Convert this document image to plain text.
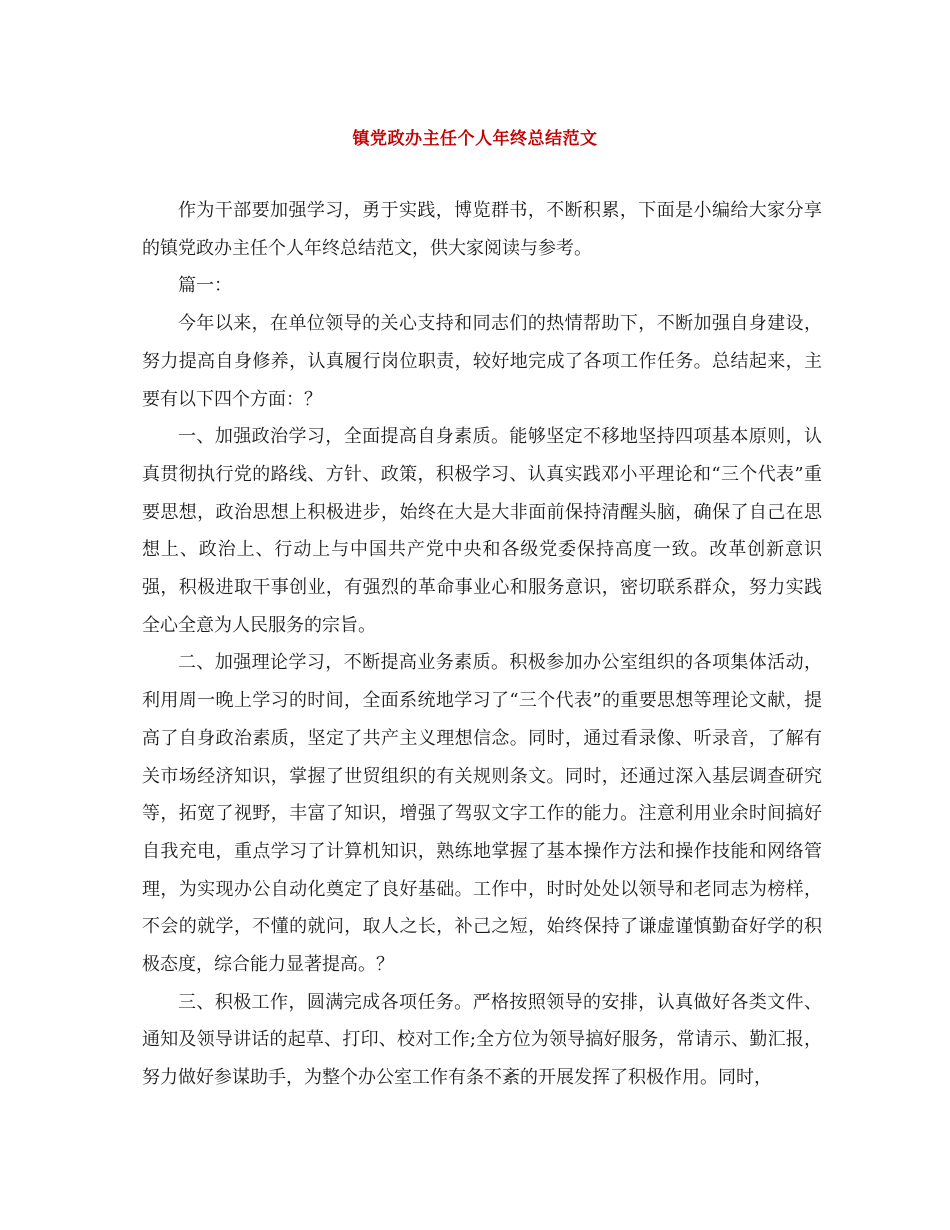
镇党政办主任个人年终总结范文

作为干部要加强学习，勇于实践，博览群书，不断积累，下面是小编给大家分享的镇党政办主任个人年终总结范文，供大家阅读与参考。

篇一：

今年以来，在单位领导的关心支持和同志们的热情帮助下，不断加强自身建设，努力提高自身修养，认真履行岗位职责，较好地完成了各项工作任务。总结起来，主要有以下四个方面：？

一、加强政治学习，全面提高自身素质。能够坚定不移地坚持四项基本原则，认真贯彻执行党的路线、方针、政策，积极学习、认真实践邓小平理论和“三个代表”重要思想，政治思想上积极进步，始终在大是大非面前保持清醒头脑，确保了自己在思想上、政治上、行动上与中国共产党中央和各级党委保持高度一致。改革创新意识强，积极进取干事创业，有强烈的革命事业心和服务意识，密切联系群众，努力实践全心全意为人民服务的宗旨。

二、加强理论学习，不断提高业务素质。积极参加办公室组织的各项集体活动，利用周一晚上学习的时间，全面系统地学习了“三个代表”的重要思想等理论文献，提高了自身政治素质，坚定了共产主义理想信念。同时，通过看录像、听录音，了解有关市场经济知识，掌握了世贸组织的有关规则条文。同时，还通过深入基层调查研究等，拓宽了视野，丰富了知识，增强了驾驭文字工作的能力。注意利用业余时间搞好自我充电，重点学习了计算机知识，熟练地掌握了基本操作方法和操作技能和网络管理，为实现办公自动化奠定了良好基础。工作中，时时处处以领导和老同志为榜样，不会的就学，不懂的就问，取人之长，补己之短，始终保持了谦虚谨慎勤奋好学的积极态度，综合能力显著提高。？

三、积极工作，圆满完成各项任务。严格按照领导的安排，认真做好各类文件、通知及领导讲话的起草、打印、校对工作;全方位为领导搞好服务，常请示、勤汇报，努力做好参谋助手，为整个办公室工作有条不紊的开展发挥了积极作用。同时，
